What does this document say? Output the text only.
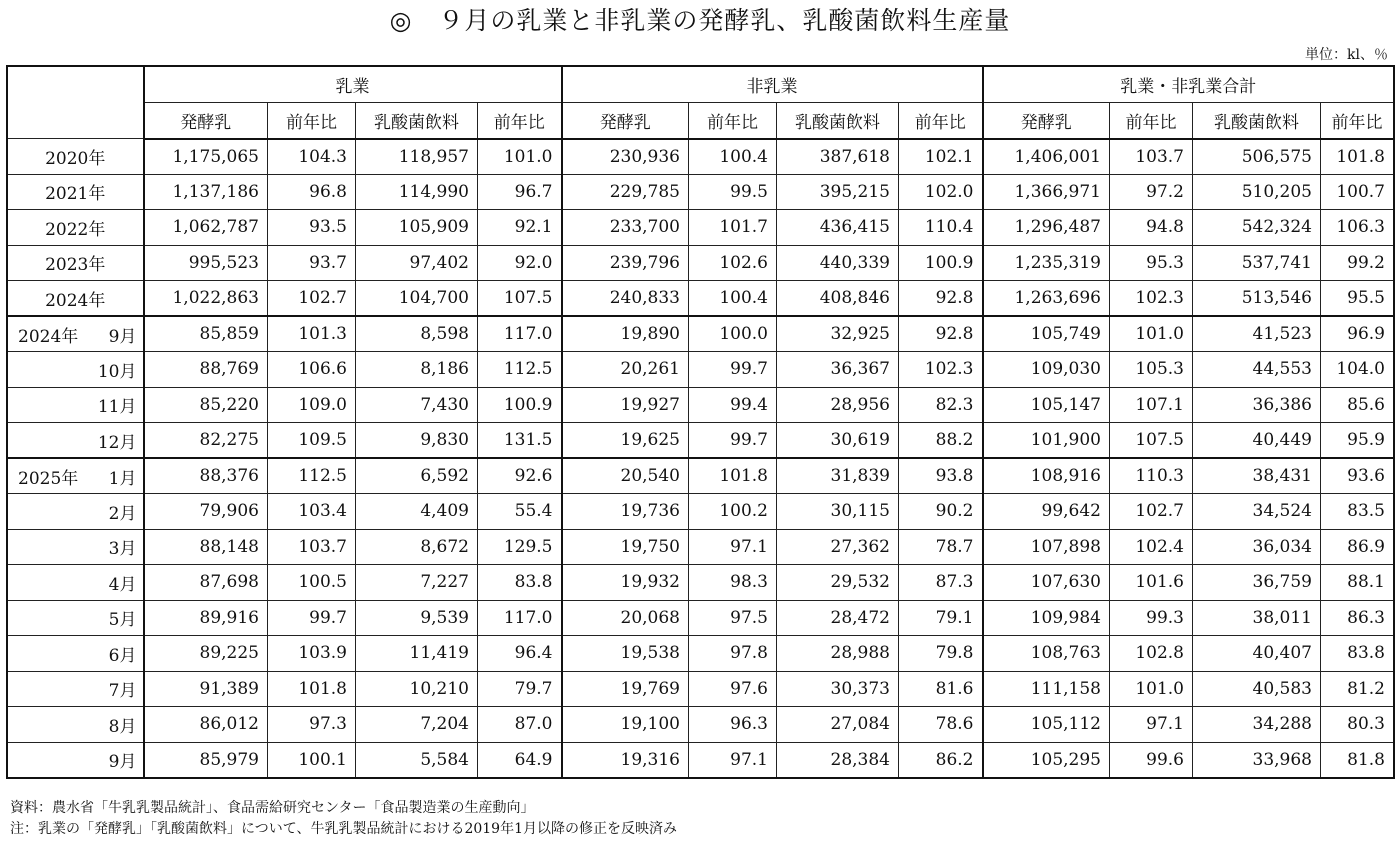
◎　９月の乳業と非乳業の発酵乳、乳酸菌飲料生産量
単位：kl、％
	乳業				非乳業				乳業・非乳業合計			
	発酵乳	前年比	乳酸菌飲料	前年比	発酵乳	前年比	乳酸菌飲料	前年比	発酵乳	前年比	乳酸菌飲料	前年比
2020年	1,175,065	104.3	118,957	101.0	230,936	100.4	387,618	102.1	1,406,001	103.7	506,575	101.8
2021年	1,137,186	96.8	114,990	96.7	229,785	99.5	395,215	102.0	1,366,971	97.2	510,205	100.7
2022年	1,062,787	93.5	105,909	92.1	233,700	101.7	436,415	110.4	1,296,487	94.8	542,324	106.3
2023年	995,523	93.7	97,402	92.0	239,796	102.6	440,339	100.9	1,235,319	95.3	537,741	99.2
2024年	1,022,863	102.7	104,700	107.5	240,833	100.4	408,846	92.8	1,263,696	102.3	513,546	95.5

2024年 9月	85,859	101.3	8,598	117.0	19,890	100.0	32,925	92.8	105,749	101.0	41,523	96.9

10月	88,769	106.6	8,186	112.5	20,261	99.7	36,367	102.3	109,030	105.3	44,553	104.0

11月	85,220	109.0	7,430	100.9	19,927	99.4	28,956	82.3	105,147	107.1	36,386	85.6

12月	82,275	109.5	9,830	131.5	19,625	99.7	30,619	88.2	101,900	107.5	40,449	95.9

2025年 1月	88,376	112.5	6,592	92.6	20,540	101.8	31,839	93.8	108,916	110.3	38,431	93.6

2月	79,906	103.4	4,409	55.4	19,736	100.2	30,115	90.2	99,642	102.7	34,524	83.5

3月	88,148	103.7	8,672	129.5	19,750	97.1	27,362	78.7	107,898	102.4	36,034	86.9

4月	87,698	100.5	7,227	83.8	19,932	98.3	29,532	87.3	107,630	101.6	36,759	88.1

5月	89,916	99.7	9,539	117.0	20,068	97.5	28,472	79.1	109,984	99.3	38,011	86.3

6月	89,225	103.9	11,419	96.4	19,538	97.8	28,988	79.8	108,763	102.8	40,407	83.8

7月	91,389	101.8	10,210	79.7	19,769	97.6	30,373	81.6	111,158	101.0	40,583	81.2

8月	86,012	97.3	7,204	87.0	19,100	96.3	27,084	78.6	105,112	97.1	34,288	80.3

9月	85,979	100.1	5,584	64.9	19,316	97.1	28,384	86.2	105,295	99.6	33,968	81.8
資料：農水省「牛乳乳製品統計」、食品需給研究センター「食品製造業の生産動向」
注：乳業の「発酵乳」「乳酸菌飲料」について、牛乳乳製品統計における2019年1月以降の修正を反映済み
